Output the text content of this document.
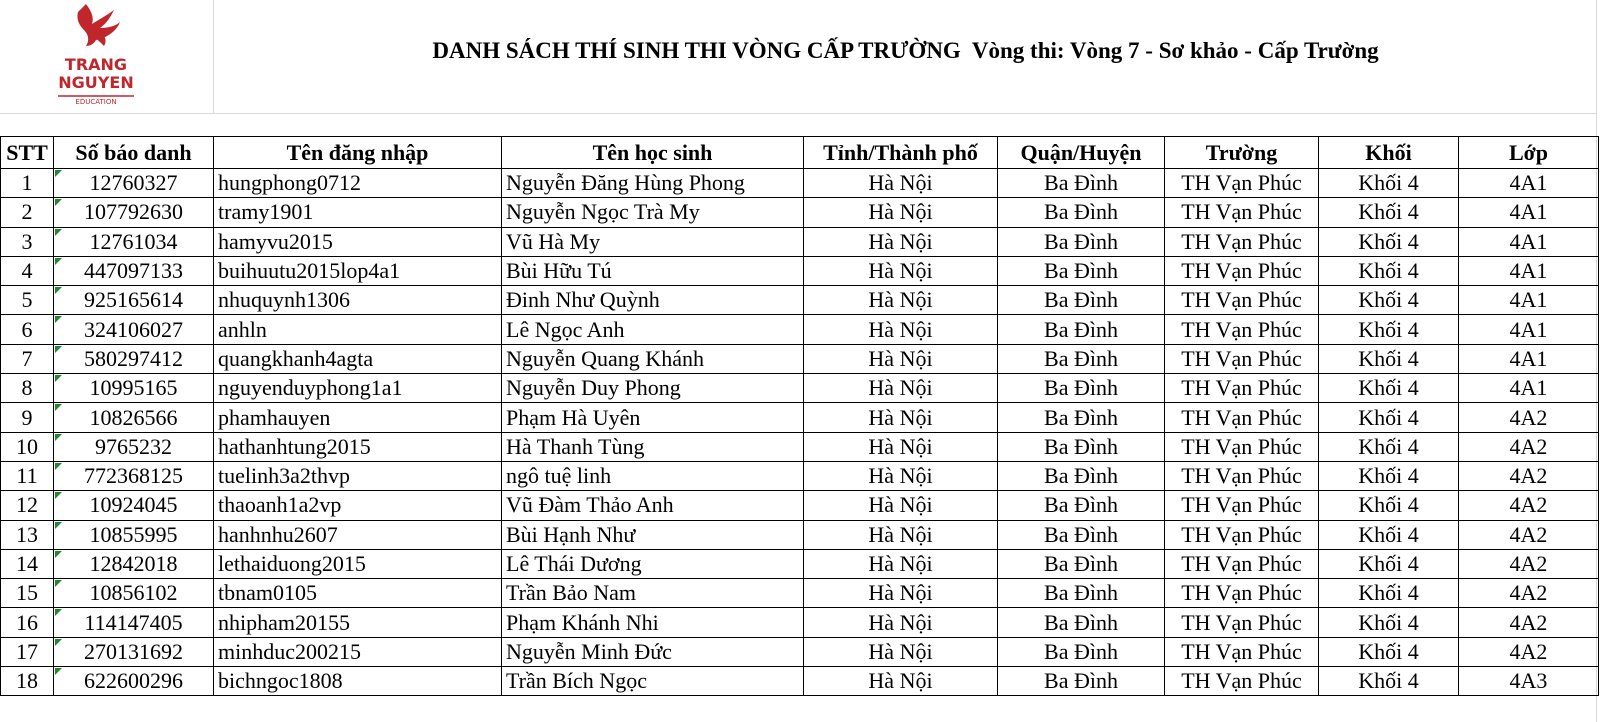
TRANG
NGUYEN
EDUCATION
DANH SÁCH THÍ SINH THI VÒNG CẤP TRƯỜNG  Vòng thi: Vòng 7 - Sơ khảo - Cấp Trường
STT	Số báo danh	Tên đăng nhập	Tên học sinh	Tỉnh/Thành phố	Quận/Huyện	Trường	Khối	Lớp
1	12760327	hungphong0712	Nguyễn Đăng Hùng Phong	Hà Nội	Ba Đình	TH Vạn Phúc	Khối 4	4A1
2	107792630	tramy1901	Nguyễn Ngọc Trà My	Hà Nội	Ba Đình	TH Vạn Phúc	Khối 4	4A1
3	12761034	hamyvu2015	Vũ Hà My	Hà Nội	Ba Đình	TH Vạn Phúc	Khối 4	4A1
4	447097133	buihuutu2015lop4a1	Bùi Hữu Tú	Hà Nội	Ba Đình	TH Vạn Phúc	Khối 4	4A1
5	925165614	nhuquynh1306	Đinh Như Quỳnh	Hà Nội	Ba Đình	TH Vạn Phúc	Khối 4	4A1
6	324106027	anhln	Lê Ngọc Anh	Hà Nội	Ba Đình	TH Vạn Phúc	Khối 4	4A1
7	580297412	quangkhanh4agta	Nguyễn Quang Khánh	Hà Nội	Ba Đình	TH Vạn Phúc	Khối 4	4A1
8	10995165	nguyenduyphong1a1	Nguyễn Duy Phong	Hà Nội	Ba Đình	TH Vạn Phúc	Khối 4	4A1
9	10826566	phamhauyen	Phạm Hà Uyên	Hà Nội	Ba Đình	TH Vạn Phúc	Khối 4	4A2
10	9765232	hathanhtung2015	Hà Thanh Tùng	Hà Nội	Ba Đình	TH Vạn Phúc	Khối 4	4A2
11	772368125	tuelinh3a2thvp	ngô tuệ linh	Hà Nội	Ba Đình	TH Vạn Phúc	Khối 4	4A2
12	10924045	thaoanh1a2vp	Vũ Đàm Thảo Anh	Hà Nội	Ba Đình	TH Vạn Phúc	Khối 4	4A2
13	10855995	hanhnhu2607	Bùi Hạnh Như	Hà Nội	Ba Đình	TH Vạn Phúc	Khối 4	4A2
14	12842018	lethaiduong2015	Lê Thái Dương	Hà Nội	Ba Đình	TH Vạn Phúc	Khối 4	4A2
15	10856102	tbnam0105	Trần Bảo Nam	Hà Nội	Ba Đình	TH Vạn Phúc	Khối 4	4A2
16	114147405	nhipham20155	Phạm Khánh Nhi	Hà Nội	Ba Đình	TH Vạn Phúc	Khối 4	4A2
17	270131692	minhduc200215	Nguyễn Minh Đức	Hà Nội	Ba Đình	TH Vạn Phúc	Khối 4	4A2
18	622600296	bichngoc1808	Trần Bích Ngọc	Hà Nội	Ba Đình	TH Vạn Phúc	Khối 4	4A3
